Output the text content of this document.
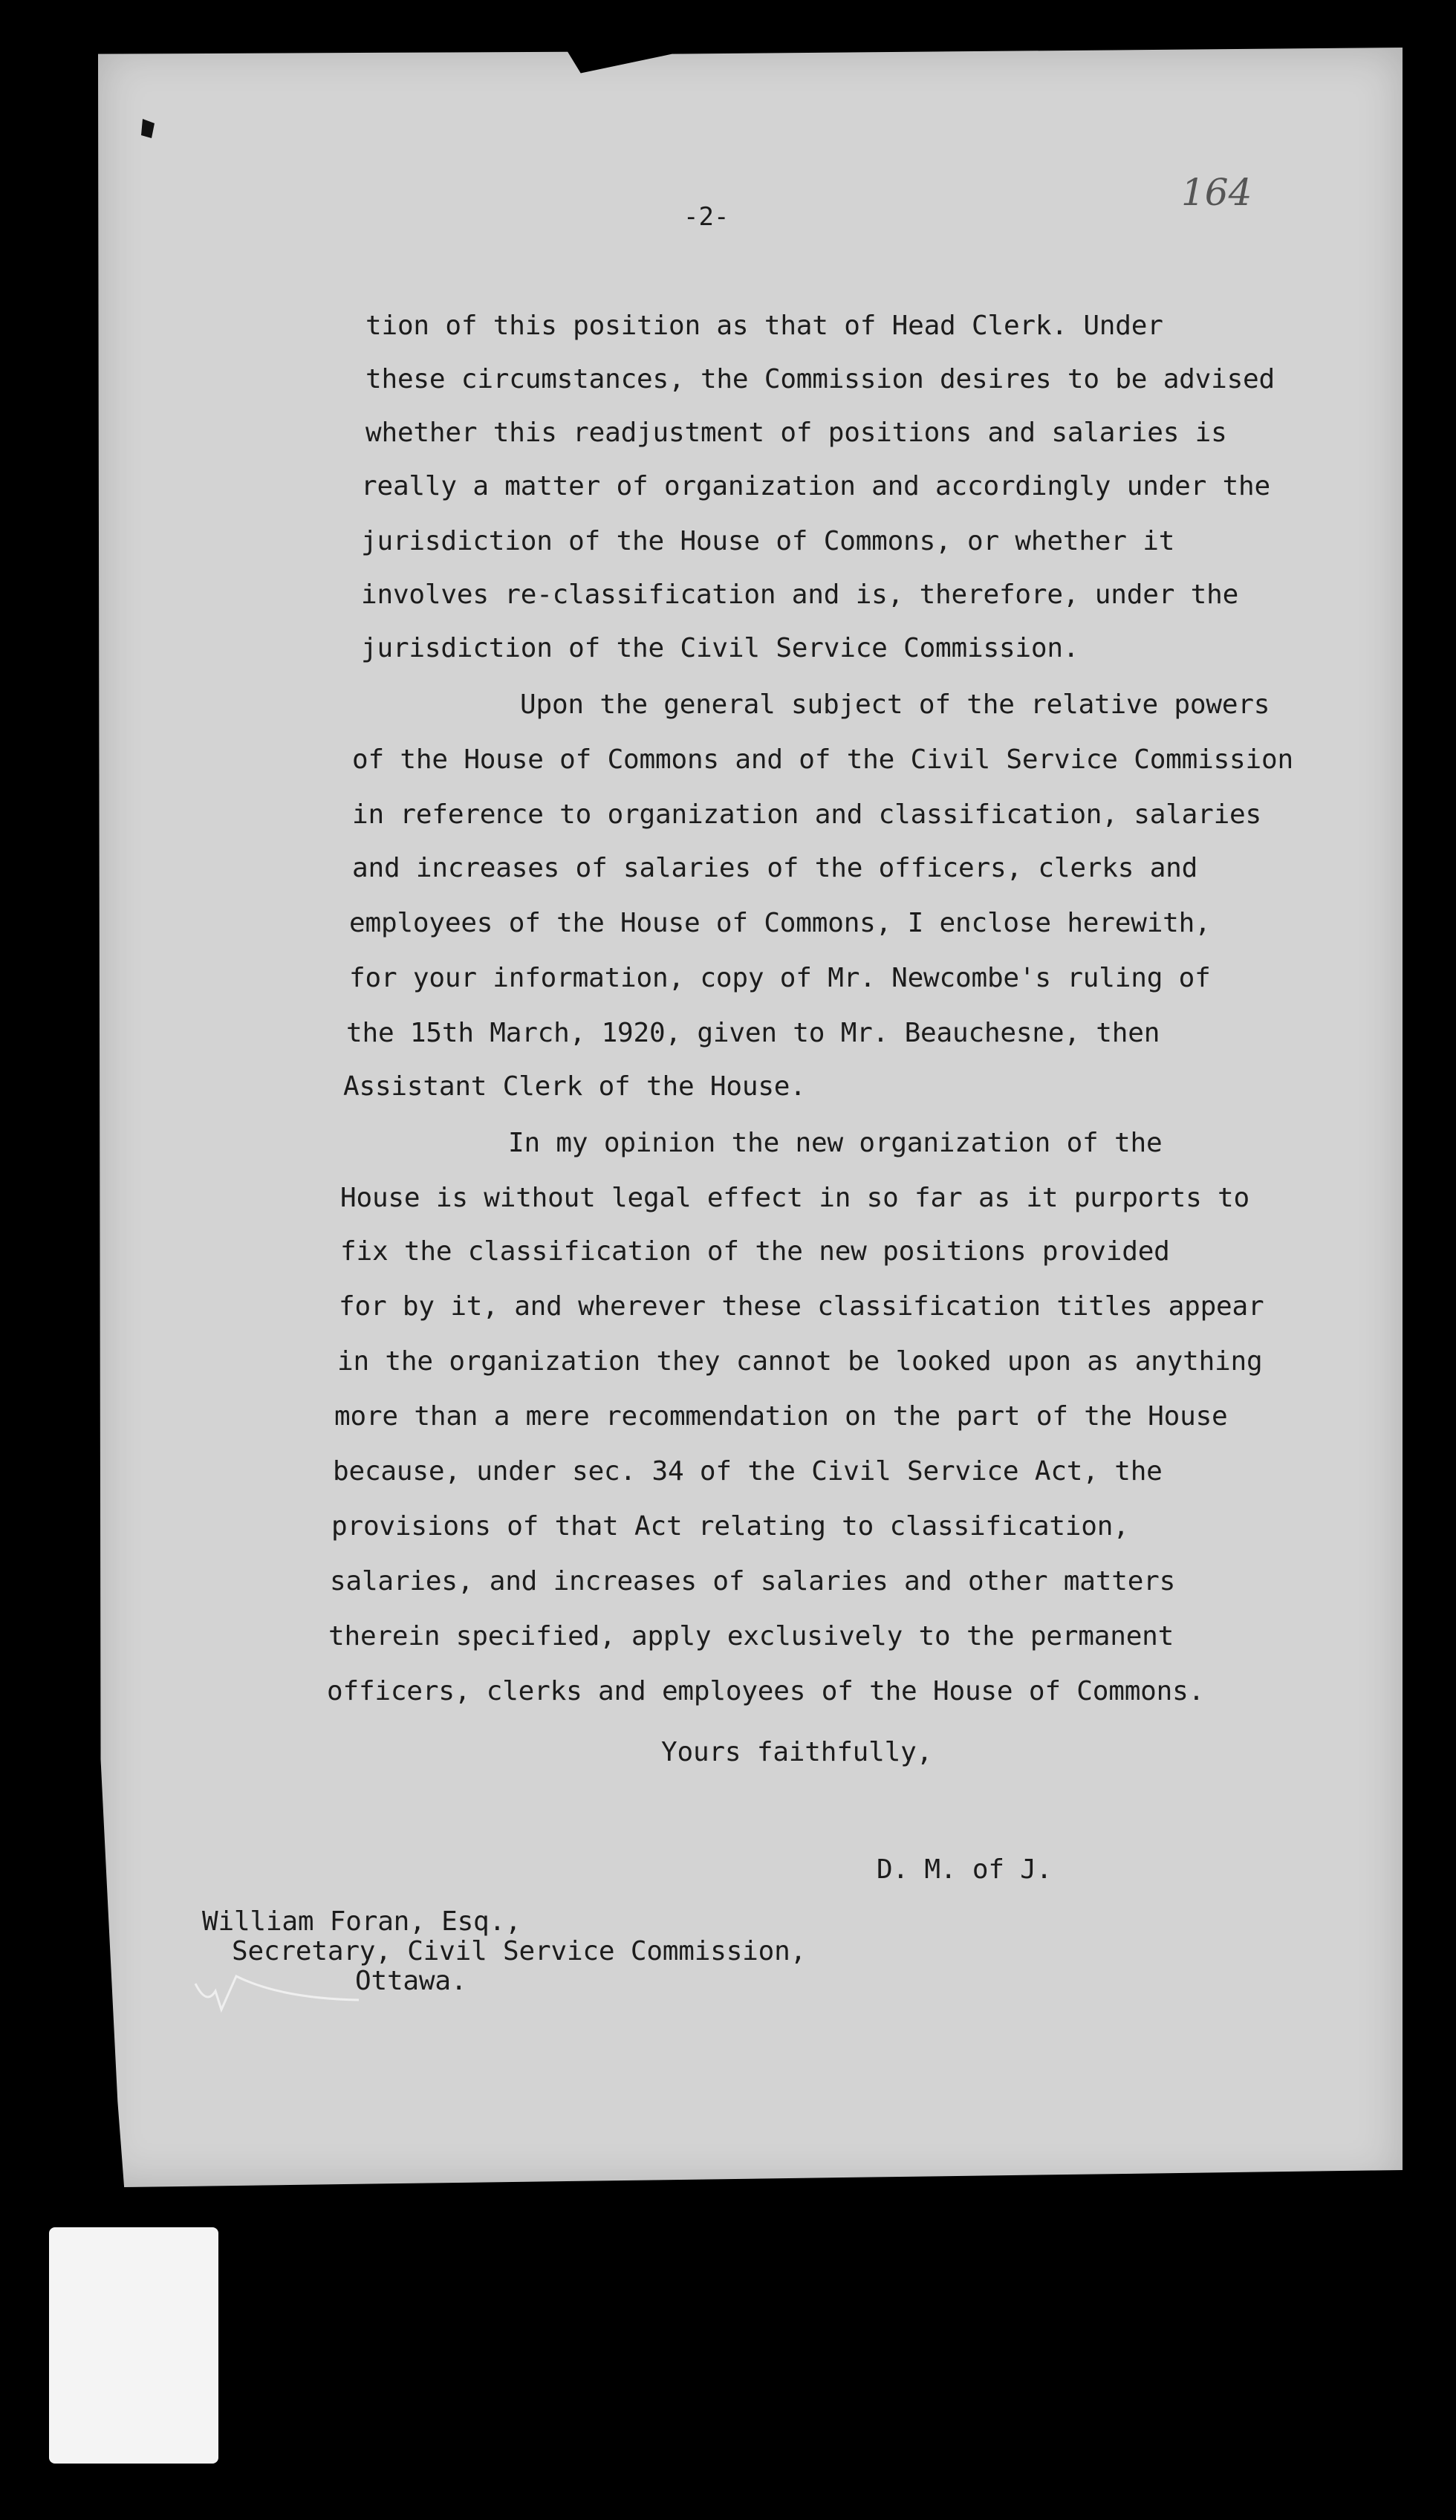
164
-2-
tion of this position as that of Head Clerk. Under
these circumstances, the Commission desires to be advised
whether this readjustment of positions and salaries is
really a matter of organization and accordingly under the
jurisdiction of the House of Commons, or whether it
involves re-classification and is, therefore, under the
jurisdiction of the Civil Service Commission.
Upon the general subject of the relative powers
of the House of Commons and of the Civil Service Commission
in reference to organization and classification, salaries
and increases of salaries of the officers, clerks and
employees of the House of Commons, I enclose herewith,
for your information, copy of Mr. Newcombe's ruling of
the 15th March, 1920, given to Mr. Beauchesne, then
Assistant Clerk of the House.
In my opinion the new organization of the
House is without legal effect in so far as it purports to
fix the classification of the new positions provided
for by it, and wherever these classification titles appear
in the organization they cannot be looked upon as anything
more than a mere recommendation on the part of the House
because, under sec. 34 of the Civil Service Act, the
provisions of that Act relating to classification,
salaries, and increases of salaries and other matters
therein specified, apply exclusively to the permanent
officers, clerks and employees of the House of Commons.
Yours faithfully,
D. M. of J.
William Foran, Esq.,
Secretary, Civil Service Commission,
Ottawa.
